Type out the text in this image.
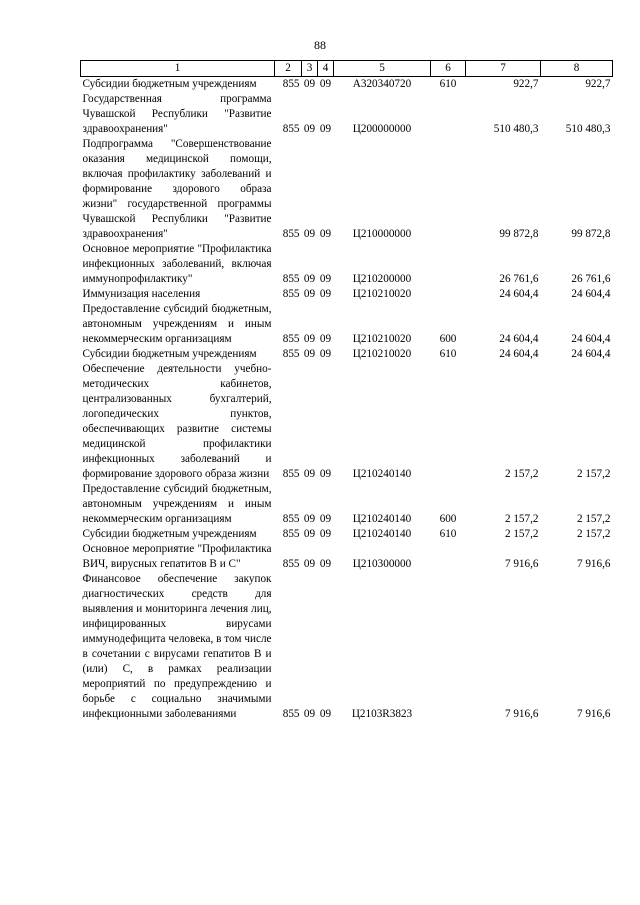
88
1	2	3	4	5	6	7	8
Субсидии бюджетным учреждениям	855	09	09	А320340720	610	922,7	922,7
Государственная программа Чувашской Республики "Развитие здравоохранения"	855	09	09	Ц200000000		510 480,3	510 480,3
Подпрограмма "Совершенствование оказания медицинской помощи, включая профилактику заболеваний и формирование здорового образа жизни" государственной программы Чувашской Республики "Развитие здравоохранения"	855	09	09	Ц210000000		99 872,8	99 872,8
Основное мероприятие "Профилактика инфекционных заболеваний, включая иммунопрофилактику"	855	09	09	Ц210200000		26 761,6	26 761,6
Иммунизация населения	855	09	09	Ц210210020		24 604,4	24 604,4
Предоставление субсидий бюджетным, автономным учреждениям и иным некоммерческим организациям	855	09	09	Ц210210020	600	24 604,4	24 604,4
Субсидии бюджетным учреждениям	855	09	09	Ц210210020	610	24 604,4	24 604,4
Обеспечение деятельности учебно-методических кабинетов, централизованных бухгалтерий, логопедических пунктов, обеспечивающих развитие системы медицинской профилактики инфекционных заболеваний и формирование здорового образа жизни	855	09	09	Ц210240140		2 157,2	2 157,2
Предоставление субсидий бюджетным, автономным учреждениям и иным некоммерческим организациям	855	09	09	Ц210240140	600	2 157,2	2 157,2
Субсидии бюджетным учреждениям	855	09	09	Ц210240140	610	2 157,2	2 157,2
Основное мероприятие "Профилактика ВИЧ, вирусных гепатитов В и С"	855	09	09	Ц210300000		7 916,6	7 916,6
Финансовое обеспечение закупок диагностических средств для выявления и мониторинга лечения лиц, инфицированных вирусами иммунодефицита человека, в том числе в сочетании с вирусами гепатитов В и (или) С, в рамках реализации мероприятий по предупреждению и борьбе с социально значимыми инфекционными заболеваниями	855	09	09	Ц2103R3823		7 916,6	7 916,6
